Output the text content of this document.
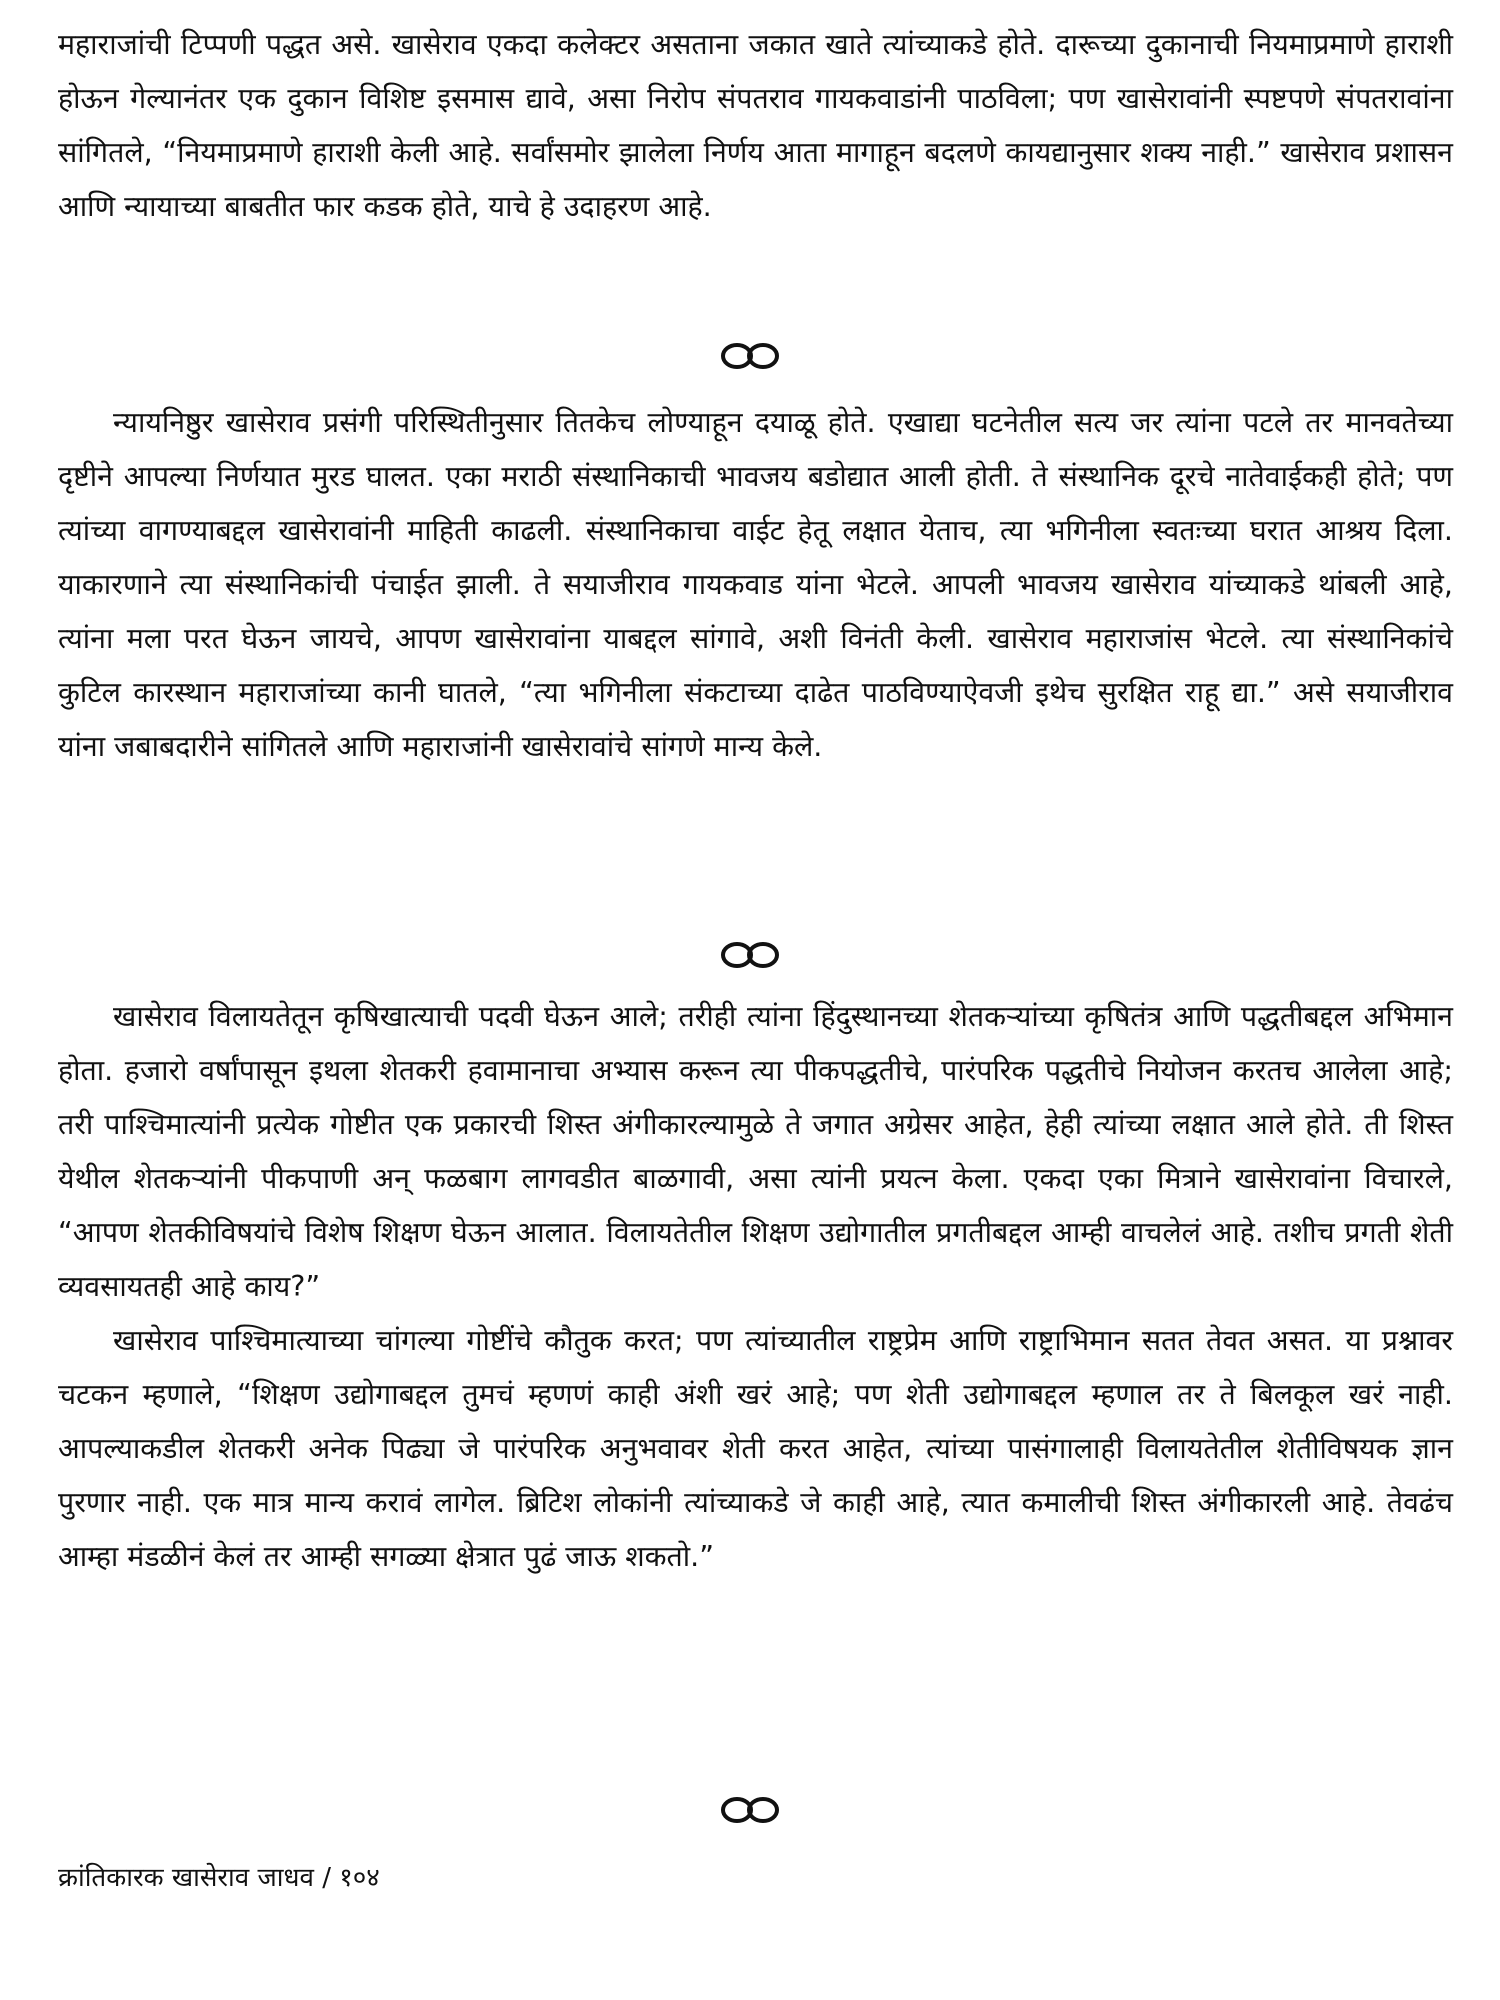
महाराजांची टिप्पणी पद्धत असे. खासेराव एकदा कलेक्टर असताना जकात खाते त्यांच्याकडे होते. दारूच्या दुकानाची नियमाप्रमाणे हाराशी होऊन गेल्यानंतर एक दुकान विशिष्ट इसमास द्यावे, असा निरोप संपतराव गायकवाडांनी पाठविला; पण खासेरावांनी स्पष्टपणे संपतरावांना सांगितले, “नियमाप्रमाणे हाराशी केली आहे. सर्वांसमोर झालेला निर्णय आता मागाहून बदलणे कायद्यानुसार शक्य नाही.” खासेराव प्रशासन आणि न्यायाच्या बाबतीत फार कडक होते, याचे हे उदाहरण आहे.

न्यायनिष्ठुर खासेराव प्रसंगी परिस्थितीनुसार तितकेच लोण्याहून दयाळू होते. एखाद्या घटनेतील सत्य जर त्यांना पटले तर मानवतेच्या दृष्टीने आपल्या निर्णयात मुरड घालत. एका मराठी संस्थानिकाची भावजय बडोद्यात आली होती. ते संस्थानिक दूरचे नातेवाईकही होते; पण त्यांच्या वागण्याबद्दल खासेरावांनी माहिती काढली. संस्थानिकाचा वाईट हेतू लक्षात येताच, त्या भगिनीला स्वतःच्या घरात आश्रय दिला. याकारणाने त्या संस्थानिकांची पंचाईत झाली. ते सयाजीराव गायकवाड यांना भेटले. आपली भावजय खासेराव यांच्याकडे थांबली आहे, त्यांना मला परत घेऊन जायचे, आपण खासेरावांना याबद्दल सांगावे, अशी विनंती केली. खासेराव महाराजांस भेटले. त्या संस्थानिकांचे कुटिल कारस्थान महाराजांच्या कानी घातले, “त्या भगिनीला संकटाच्या दाढेत पाठविण्याऐवजी इथेच सुरक्षित राहू द्या.” असे सयाजीराव यांना जबाबदारीने सांगितले आणि महाराजांनी खासेरावांचे सांगणे मान्य केले.

खासेराव विलायतेतून कृषिखात्याची पदवी घेऊन आले; तरीही त्यांना हिंदुस्थानच्या शेतकऱ्यांच्या कृषितंत्र आणि पद्धतीबद्दल अभिमान होता. हजारो वर्षांपासून इथला शेतकरी हवामानाचा अभ्यास करून त्या पीकपद्धतीचे, पारंपरिक पद्धतीचे नियोजन करतच आलेला आहे; तरी पाश्चिमात्यांनी प्रत्येक गोष्टीत एक प्रकारची शिस्त अंगीकारल्यामुळे ते जगात अग्रेसर आहेत, हेही त्यांच्या लक्षात आले होते. ती शिस्त येथील शेतकऱ्यांनी पीकपाणी अन् फळबाग लागवडीत बाळगावी, असा त्यांनी प्रयत्न केला. एकदा एका मित्राने खासेरावांना विचारले, “आपण शेतकीविषयांचे विशेष शिक्षण घेऊन आलात. विलायतेतील शिक्षण उद्योगातील प्रगतीबद्दल आम्ही वाचलेलं आहे. तशीच प्रगती शेती व्यवसायतही आहे काय?”

खासेराव पाश्चिमात्याच्या चांगल्या गोष्टींचे कौतुक करत; पण त्यांच्यातील राष्ट्रप्रेम आणि राष्ट्राभिमान सतत तेवत असत. या प्रश्नावर चटकन म्हणाले, “शिक्षण उद्योगाबद्दल तुमचं म्हणणं काही अंशी खरं आहे; पण शेती उद्योगाबद्दल म्हणाल तर ते बिलकूल खरं नाही. आपल्याकडील शेतकरी अनेक पिढ्या जे पारंपरिक अनुभवावर शेती करत आहेत, त्यांच्या पासंगालाही विलायतेतील शेतीविषयक ज्ञान पुरणार नाही. एक मात्र मान्य करावं लागेल. ब्रिटिश लोकांनी त्यांच्याकडे जे काही आहे, त्यात कमालीची शिस्त अंगीकारली आहे. तेवढंच आम्हा मंडळीनं केलं तर आम्ही सगळ्या क्षेत्रात पुढं जाऊ शकतो.”

क्रांतिकारक खासेराव जाधव / १०४
